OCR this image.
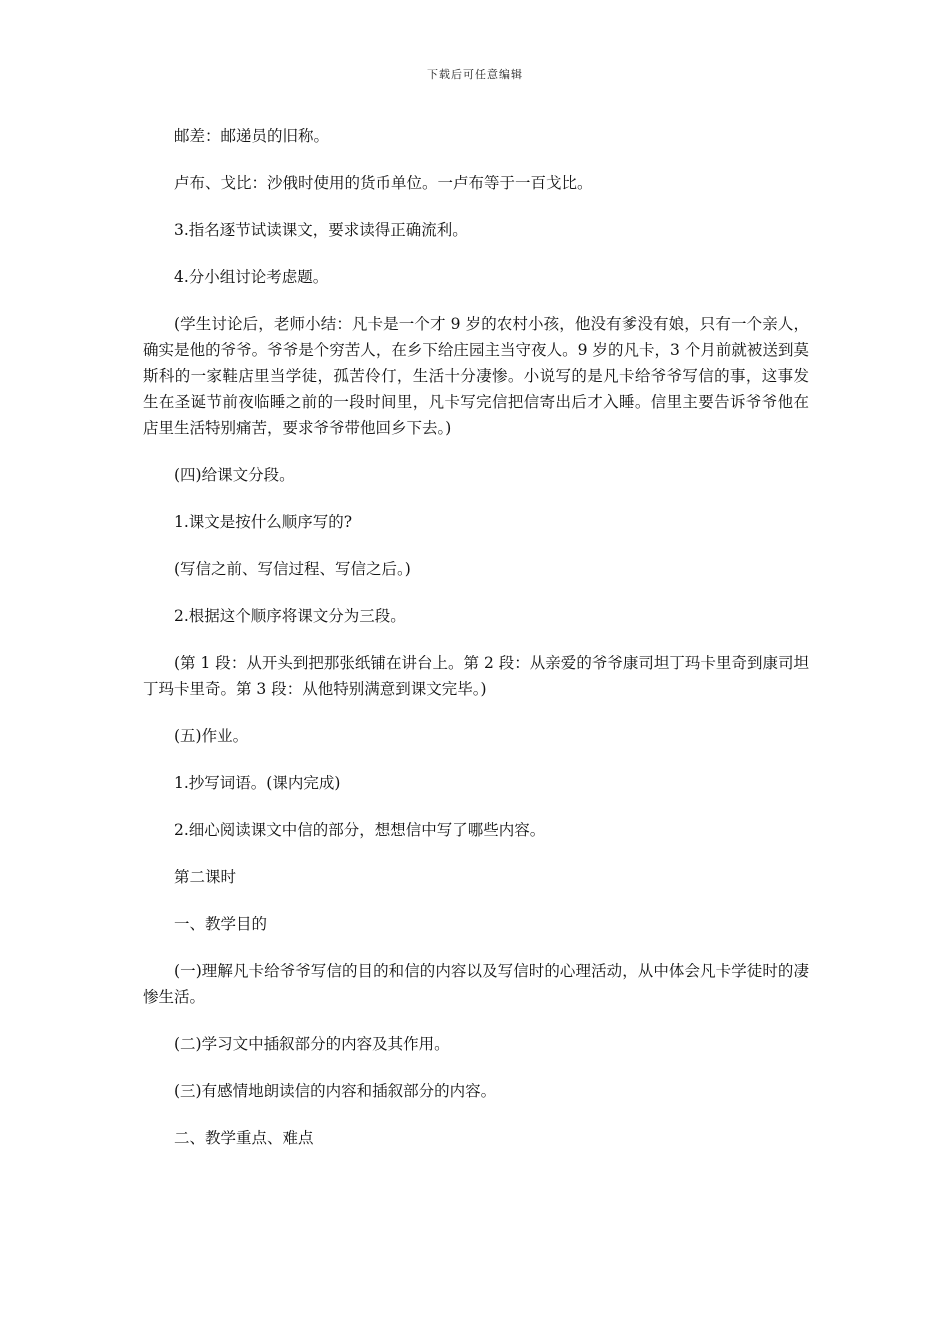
下载后可任意编辑

邮差：邮递员的旧称。

卢布、戈比：沙俄时使用的货币单位。一卢布等于一百戈比。

3.指名逐节试读课文，要求读得正确流利。

4.分小组讨论考虑题。

(学生讨论后，老师小结：凡卡是一个才 9 岁的农村小孩，他没有爹没有娘，只有一个亲人，确实是他的爷爷。爷爷是个穷苦人，在乡下给庄园主当守夜人。9 岁的凡卡，3 个月前就被送到莫斯科的一家鞋店里当学徒，孤苦伶仃，生活十分凄惨。小说写的是凡卡给爷爷写信的事，这事发生在圣诞节前夜临睡之前的一段时间里，凡卡写完信把信寄出后才入睡。信里主要告诉爷爷他在店里生活特别痛苦，要求爷爷带他回乡下去。)

(四)给课文分段。

1.课文是按什么顺序写的?

(写信之前、写信过程、写信之后。)

2.根据这个顺序将课文分为三段。

(第 1 段：从开头到把那张纸铺在讲台上。第 2 段：从亲爱的爷爷康司坦丁玛卡里奇到康司坦丁玛卡里奇。第 3 段：从他特别满意到课文完毕。)

(五)作业。

1.抄写词语。(课内完成)

2.细心阅读课文中信的部分，想想信中写了哪些内容。

第二课时

一、教学目的

(一)理解凡卡给爷爷写信的目的和信的内容以及写信时的心理活动，从中体会凡卡学徒时的凄惨生活。

(二)学习文中插叙部分的内容及其作用。

(三)有感情地朗读信的内容和插叙部分的内容。

二、教学重点、难点
